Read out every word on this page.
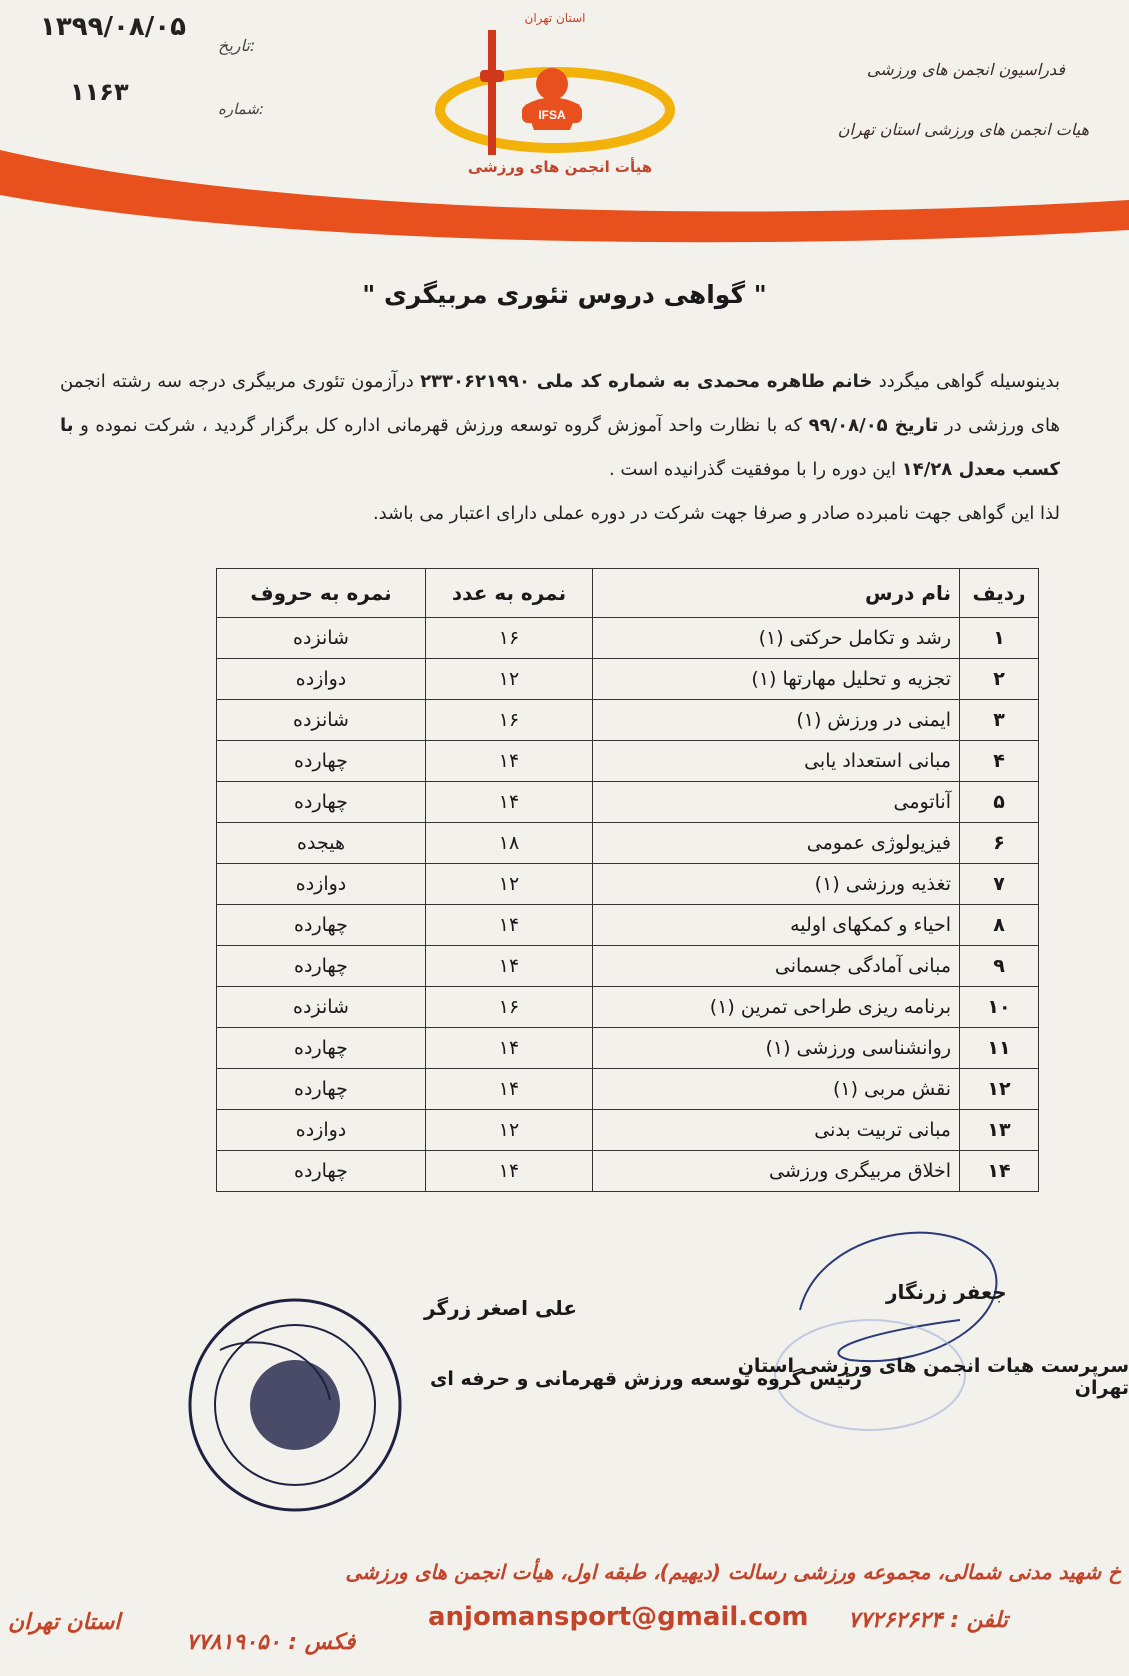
۱۳۹۹/۰۸/۰۵
تاریخ:
۱۱۶۳
شماره:
فدراسیون انجمن های ورزشی
هیات انجمن های ورزشی استان تهران
IFSA
استان تهران
هیأت انجمن های ورزشی
" گواهی دروس تئوری مربیگری "
بدینوسیله گواهی میگردد خانم طاهره محمدی به شماره کد ملی ۲۳۳۰۶۲۱۹۹۰ درآزمون تئوری مربیگری درجه سه رشته انجمن های ورزشی در تاریخ ۹۹/۰۸/۰۵ که با نظارت واحد آموزش گروه توسعه ورزش قهرمانی اداره کل برگزار گردید ، شرکت نموده و با کسب معدل ۱۴/۲۸ این دوره را با موفقیت گذرانیده است .
لذا این گواهی جهت نامبرده صادر و صرفا جهت شرکت در دوره عملی دارای اعتبار می باشد.
ردیف	نام درس	نمره به عدد	نمره به حروف
۱	رشد و تکامل حرکتی (۱)	۱۶	شانزده
۲	تجزیه و تحلیل مهارتها (۱)	۱۲	دوازده
۳	ایمنی در ورزش (۱)	۱۶	شانزده
۴	مبانی استعداد یابی	۱۴	چهارده
۵	آناتومی	۱۴	چهارده
۶	فیزیولوژی عمومی	۱۸	هیجده
۷	تغذیه ورزشی (۱)	۱۲	دوازده
۸	احیاء و کمکهای اولیه	۱۴	چهارده
۹	مبانی آمادگی جسمانی	۱۴	چهارده
۱۰	برنامه ریزی طراحی تمرین (۱)	۱۶	شانزده
۱۱	روانشناسی ورزشی (۱)	۱۴	چهارده
۱۲	نقش مربی (۱)	۱۴	چهارده
۱۳	مبانی تربیت بدنی	۱۲	دوازده
۱۴	اخلاق مربیگری ورزشی	۱۴	چهارده
جعفر زرنگار
سرپرست هیات انجمن های ورزشی استان تهران
علی اصغر زرگر
رئیس گروه توسعه ورزش قهرمانی و حرفه ای
خ شهید مدنی شمالی، مجموعه ورزشی رسالت (دیهیم)، طبقه اول، هیأت انجمن های ورزشی
تلفن : ۷۷۲۶۲۶۲۴
anjomansport@gmail.com
فکس : ۷۷۸۱۹۰۵۰
استان تهران
